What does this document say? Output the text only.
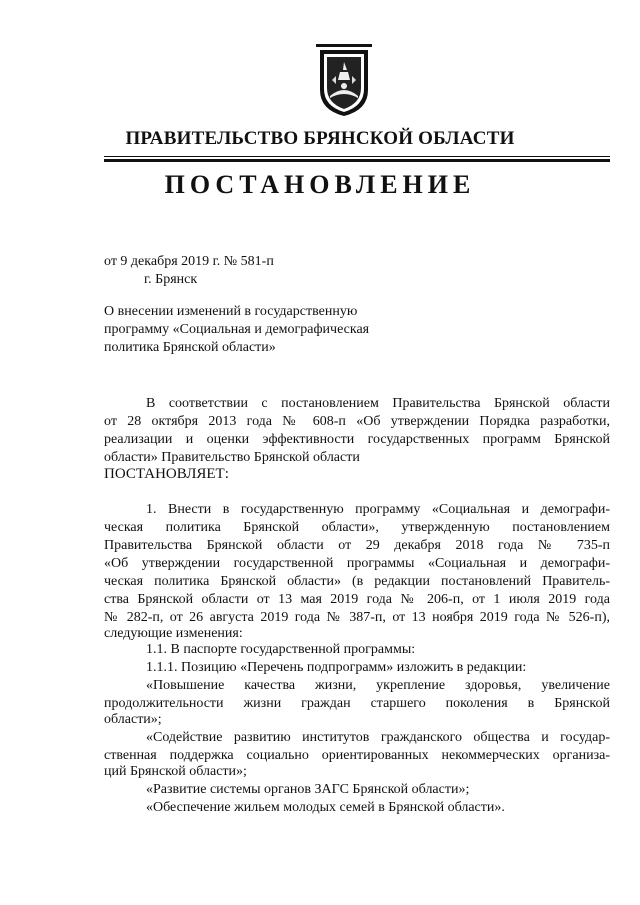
ПРАВИТЕЛЬСТВО БРЯНСКОЙ ОБЛАСТИ
ПОСТАНОВЛЕНИЕ
от 9 декабря 2019 г. № 581-п
г. Брянск
О внесении изменений в государственную
программу «Социальная и демографическая
политика Брянской области»
В соответствии с постановлением Правительства Брянской области
от 28 октября 2013 года № 608-п «Об утверждении Порядка разработки,
реализации и оценки эффективности государственных программ Брянской
области» Правительство Брянской области
ПОСТАНОВЛЯЕТ:
1. Внести в государственную программу «Социальная и демографи-
ческая политика Брянской области», утвержденную постановлением
Правительства Брянской области от 29 декабря 2018 года № 735-п
«Об утверждении государственной программы «Социальная и демографи-
ческая политика Брянской области» (в редакции постановлений Правитель-
ства Брянской области от 13 мая 2019 года № 206-п, от 1 июля 2019 года
№ 282-п, от 26 августа 2019 года № 387-п, от 13 ноября 2019 года № 526-п),
следующие изменения:
1.1. В паспорте государственной программы:
1.1.1. Позицию «Перечень подпрограмм» изложить в редакции:
«Повышение качества жизни, укрепление здоровья, увеличение
продолжительности жизни граждан старшего поколения в Брянской
области»;
«Содействие развитию институтов гражданского общества и государ-
ственная поддержка социально ориентированных некоммерческих организа-
ций Брянской области»;
«Развитие системы органов ЗАГС Брянской области»;
«Обеспечение жильем молодых семей в Брянской области».
